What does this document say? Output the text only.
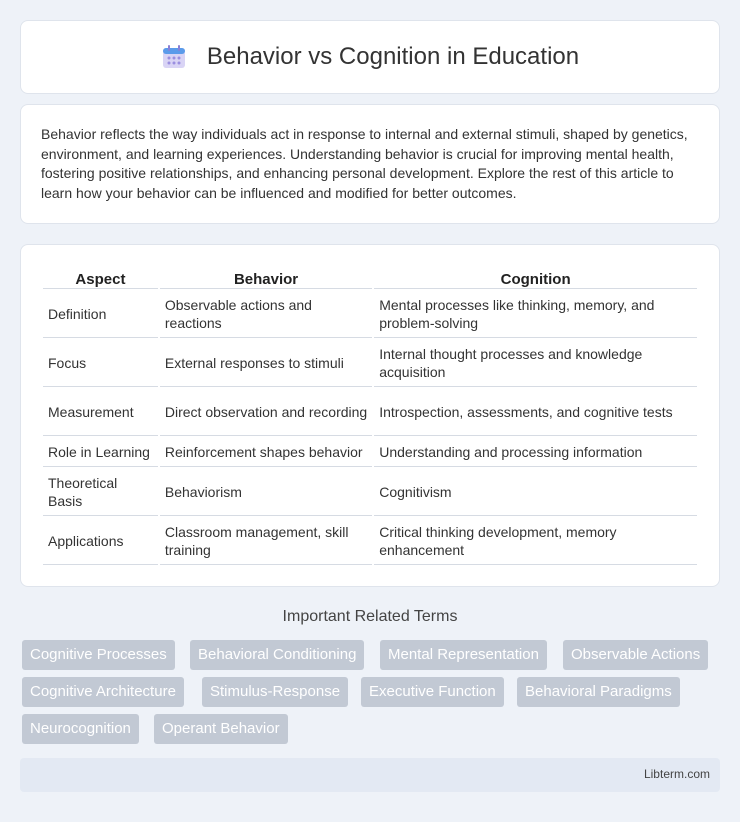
Behavior vs Cognition in Education

Behavior reflects the way individuals act in response to internal and external stimuli, shaped by genetics, environment, and learning experiences. Understanding behavior is crucial for improving mental health, fostering positive relationships, and enhancing personal development. Explore the rest of this article to learn how your behavior can be influenced and modified for better outcomes.

Aspect	Behavior	Cognition
Definition	Observable actions and reactions	Mental processes like thinking, memory, and problem-solving
Focus	External responses to stimuli	Internal thought processes and knowledge acquisition
Measurement	Direct observation and recording	Introspection, assessments, and cognitive tests
Role in Learning	Reinforcement shapes behavior	Understanding and processing information
Theoretical Basis	Behaviorism	Cognitivism
Applications	Classroom management, skill training	Critical thinking development, memory enhancement
Important Related Terms
Cognitive Processes	Behavioral Conditioning	Mental Representation	Observable Actions
Cognitive Architecture	Stimulus-Response	Executive Function	Behavioral Paradigms
Neurocognition	Operant Behavior
Libterm.com
